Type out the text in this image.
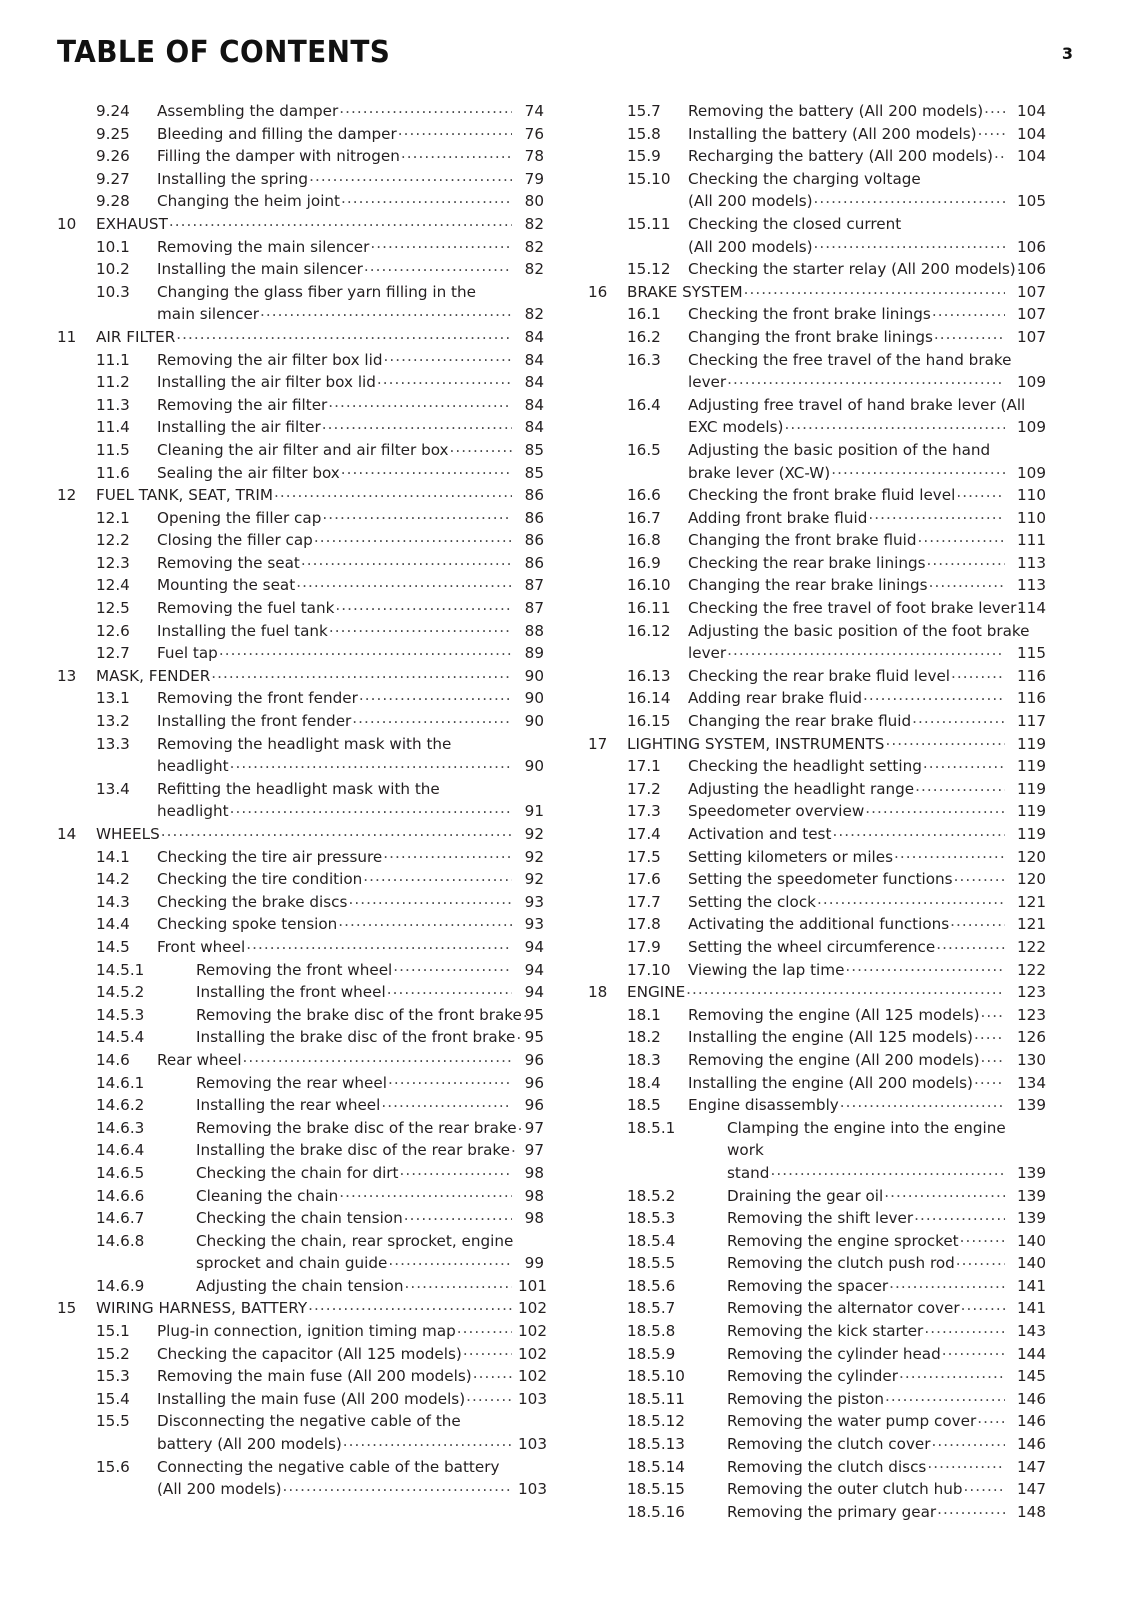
TABLE OF CONTENTS	3
9.24	Assembling the damper .....	74
9.25	Bleeding and filling the damper .....	76
9.26	Filling the damper with nitrogen .....	78
9.27	Installing the spring .....	79
9.28	Changing the heim joint .....	80
10	EXHAUST .....	82
10.1	Removing the main silencer .....	82
10.2	Installing the main silencer .....	82
10.3	Changing the glass fiber yarn filling in the
main silencer .....	82
11	AIR FILTER .....	84
11.1	Removing the air filter box lid .....	84
11.2	Installing the air filter box lid .....	84
11.3	Removing the air filter .....	84
11.4	Installing the air filter .....	84
11.5	Cleaning the air filter and air filter box .....	85
11.6	Sealing the air filter box .....	85
12	FUEL TANK, SEAT, TRIM .....	86
12.1	Opening the filler cap .....	86
12.2	Closing the filler cap .....	86
12.3	Removing the seat .....	86
12.4	Mounting the seat .....	87
12.5	Removing the fuel tank .....	87
12.6	Installing the fuel tank .....	88
12.7	Fuel tap .....	89
13	MASK, FENDER .....	90
13.1	Removing the front fender .....	90
13.2	Installing the front fender .....	90
13.3	Removing the headlight mask with the
headlight .....	90
13.4	Refitting the headlight mask with the
headlight .....	91
14	WHEELS .....	92
14.1	Checking the tire air pressure .....	92
14.2	Checking the tire condition .....	92
14.3	Checking the brake discs .....	93
14.4	Checking spoke tension .....	93
14.5	Front wheel .....	94
14.5.1	Removing the front wheel .....	94
14.5.2	Installing the front wheel .....	94
14.5.3	Removing the brake disc of the front brake ..... 95
14.5.4	Installing the brake disc of the front brake ..... 95
14.6	Rear wheel .....	96
14.6.1	Removing the rear wheel .....	96
14.6.2	Installing the rear wheel .....	96
14.6.3	Removing the brake disc of the rear brake ..... 97
14.6.4	Installing the brake disc of the rear brake ..... 97
14.6.5	Checking the chain for dirt .....	98
14.6.6	Cleaning the chain .....	98
14.6.7	Checking the chain tension .....	98
14.6.8	Checking the chain, rear sprocket, engine
sprocket and chain guide .....	99
14.6.9	Adjusting the chain tension .....	101
15	WIRING HARNESS, BATTERY .....	102
15.1	Plug-in connection, ignition timing map .....	102
15.2	Checking the capacitor (All 125 models) .....	102
15.3	Removing the main fuse (All 200 models) .....	102
15.4	Installing the main fuse (All 200 models) .....	103
15.5	Disconnecting the negative cable of the
battery (All 200 models) .....	103
15.6	Connecting the negative cable of the battery
(All 200 models) .....	103
15.7	Removing the battery (All 200 models) .....	104
15.8	Installing the battery (All 200 models) .....	104
15.9	Recharging the battery (All 200 models) .....	104
15.10	Checking the charging voltage
(All 200 models) .....	105
15.11	Checking the closed current
(All 200 models) .....	106
15.12	Checking the starter relay (All 200 models) ..... 106
16	BRAKE SYSTEM .....	107
16.1	Checking the front brake linings .....	107
16.2	Changing the front brake linings .....	107
16.3	Checking the free travel of the hand brake
lever .....	109
16.4	Adjusting free travel of hand brake lever (All
EXC models) .....	109
16.5	Adjusting the basic position of the hand
brake lever (XC-W) .....	109
16.6	Checking the front brake fluid level .....	110
16.7	Adding front brake fluid .....	110
16.8	Changing the front brake fluid .....	111
16.9	Checking the rear brake linings .....	113
16.10	Changing the rear brake linings .....	113
16.11	Checking the free travel of foot brake lever ..... 114
16.12	Adjusting the basic position of the foot brake
lever .....	115
16.13	Checking the rear brake fluid level .....	116
16.14	Adding rear brake fluid .....	116
16.15	Changing the rear brake fluid .....	117
17	LIGHTING SYSTEM, INSTRUMENTS .....	119
17.1	Checking the headlight setting .....	119
17.2	Adjusting the headlight range .....	119
17.3	Speedometer overview .....	119
17.4	Activation and test .....	119
17.5	Setting kilometers or miles .....	120
17.6	Setting the speedometer functions .....	120
17.7	Setting the clock .....	121
17.8	Activating the additional functions .....	121
17.9	Setting the wheel circumference .....	122
17.10	Viewing the lap time .....	122
18	ENGINE .....	123
18.1	Removing the engine (All 125 models) .....	123
18.2	Installing the engine (All 125 models) .....	126
18.3	Removing the engine (All 200 models) .....	130
18.4	Installing the engine (All 200 models) .....	134
18.5	Engine disassembly .....	139
18.5.1	Clamping the engine into the engine work
stand .....	139
18.5.2	Draining the gear oil .....	139
18.5.3	Removing the shift lever .....	139
18.5.4	Removing the engine sprocket .....	140
18.5.5	Removing the clutch push rod .....	140
18.5.6	Removing the spacer .....	141
18.5.7	Removing the alternator cover .....	141
18.5.8	Removing the kick starter .....	143
18.5.9	Removing the cylinder head .....	144
18.5.10	Removing the cylinder .....	145
18.5.11	Removing the piston .....	146
18.5.12	Removing the water pump cover .....	146
18.5.13	Removing the clutch cover .....	146
18.5.14	Removing the clutch discs .....	147
18.5.15	Removing the outer clutch hub .....	147
18.5.16	Removing the primary gear .....	148
